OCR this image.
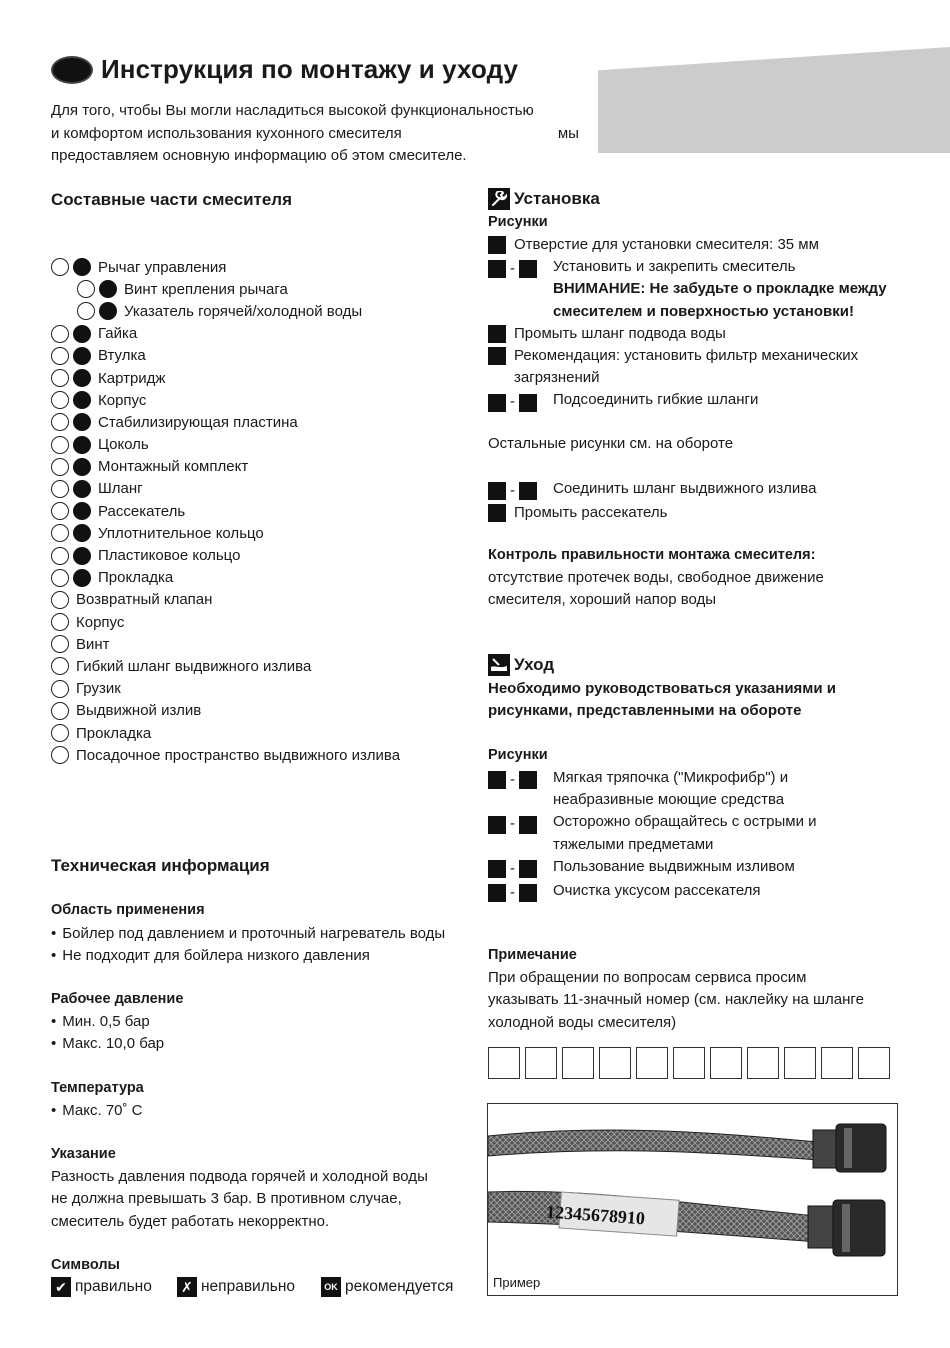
Инструкция по монтажу и уходу
Для того, чтобы Вы могли насладиться высокой функциональностью
и комфортом использования кухонного смесителя	мы
предоставляем основную информацию об этом смесителе.
Составные части смесителя
Рычаг управления
Винт крепления рычага
Указатель горячей/холодной воды
Гайка
Втулка
Картридж
Корпус
Стабилизирующая пластина
Цоколь
Монтажный комплект
Шланг
Рассекатель
Уплотнительное кольцо
Пластиковое кольцо
Прокладка
Возвратный клапан
Корпус
Винт
Гибкий шланг выдвижного излива
Грузик
Выдвижной излив
Прокладка
Посадочное пространство выдвижного излива
Техническая информация
Область применения
• Бойлер под давлением и проточный нагреватель воды
• Не подходит для бойлера низкого давления
Рабочее давление
• Мин. 0,5 бар
• Макс. 10,0 бар
Температура
• Макс. 70˚ C
Указание
Разность давления подвода горячей и холодной воды
не должна превышать 3 бар. В противном случае,
смеситель будет работать некорректно.
Символы
✔ правильно ✗ неправильно	OK рекомендуется
Установка
Рисунки
Отверстие для установки смесителя: 35 мм
-	Установить и закрепить смеситель
ВНИМАНИЕ: Не забудьте о прокладке между
смесителем и поверхностью установки!
Промыть шланг подвода воды
Рекомендация: установить фильтр механических
загрязнений
-	Подсоединить гибкие шланги
Остальные рисунки см. на обороте
-	Соединить шланг выдвижного излива
Промыть рассекатель
Контроль правильности монтажа смесителя:
отсутствие протечек воды, свободное движение
смесителя, хороший напор воды
Уход
Необходимо руководствоваться указаниями и
рисунками, представленными на обороте
Рисунки
-	Мягкая тряпочка ("Микрофибр") и
неабразивные моющие средства
-	Осторожно обращайтесь с острыми и
тяжелыми предметами
-	Пользование выдвижным изливом
-	Очистка уксусом рассекателя
Примечание
При обращении по вопросам сервиса просим
указывать 11-значный номер (см. наклейку на шланге
холодной воды смесителя)
12345678910
Пример
